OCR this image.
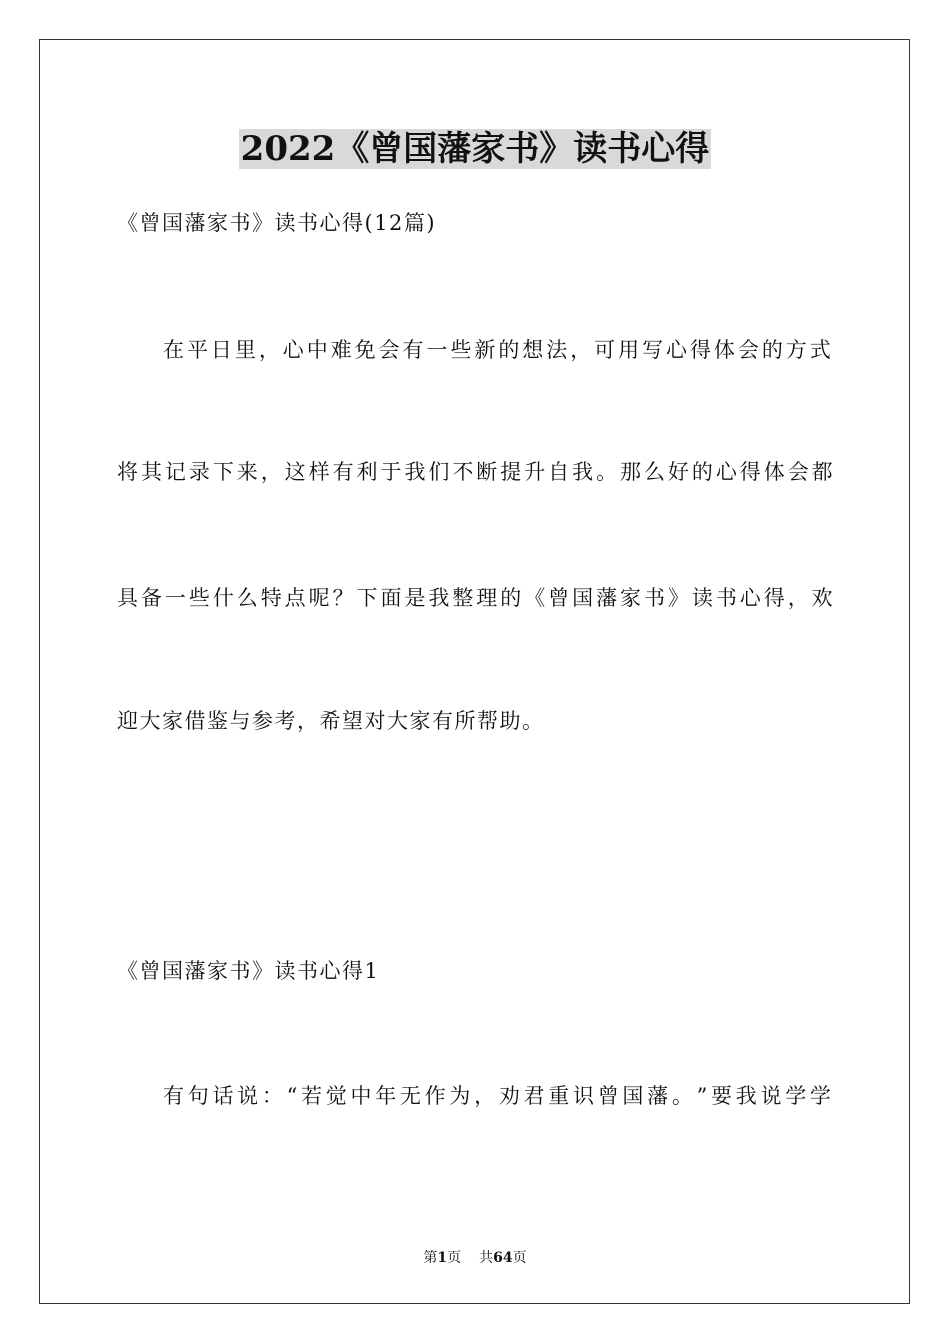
2022《曾国藩家书》读书心得
《曾国藩家书》读书心得(12篇)
在 平 日 里 ， 心 中 难 免 会 有 一 些 新 的 想 法 ， 可 用 写 心 得 体 会 的 方 式
将 其 记 录 下 来 ， 这 样 有 利 于 我 们 不 断 提 升 自 我 。 那 么 好 的 心 得 体 会 都
具 备 一 些 什 么 特 点 呢 ？ 下 面 是 我 整 理 的 《 曾 国 藩 家 书 》 读 书 心 得 ， 欢
迎大家借鉴与参考，希望对大家有所帮助。
《曾国藩家书》读书心得1
有 句 话 说 ： “ 若 觉 中 年 无 作 为 ， 劝 君 重 识 曾 国 藩 。 ” 要 我 说 学 学
第1页 共64页
